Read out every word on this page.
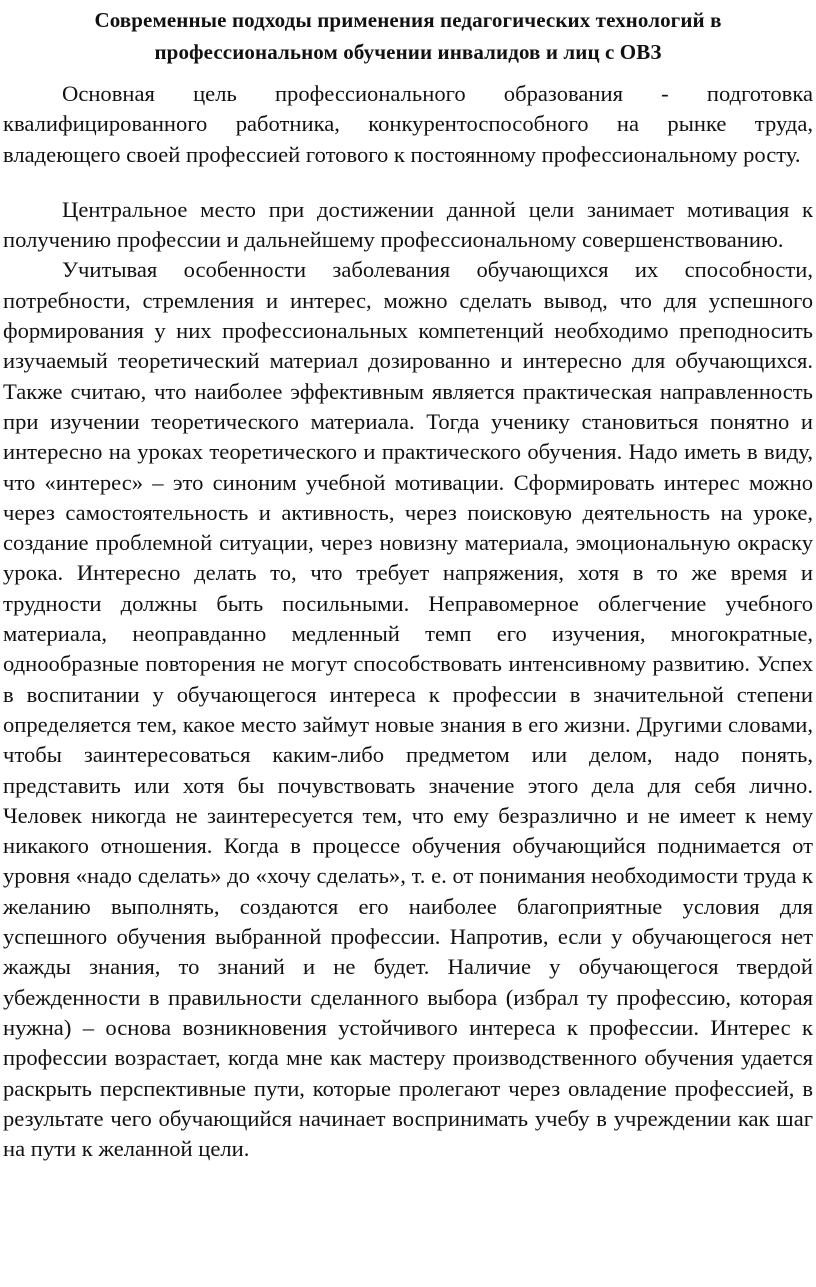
Современные подходы применения педагогических технологий в
профессиональном обучении инвалидов и лиц с ОВЗ

Основная цель профессионального образования - подготовка квалифицированного работника, конкурентоспособного на рынке труда, владеющего своей профессией готового к постоянному профессиональному росту.

Центральное место при достижении данной цели занимает мотивация к получению профессии и дальнейшему профессиональному совершенствованию.

Учитывая особенности заболевания обучающихся их способности, потребности, стремления и интерес, можно сделать вывод, что для успешного формирования у них профессиональных компетенций необходимо преподносить изучаемый теоретический материал дозированно и интересно для обучающихся. Также считаю, что наиболее эффективным является практическая направленность при изучении теоретического материала. Тогда ученику становиться понятно и интересно на уроках теоретического и практического обучения. Надо иметь в виду, что «интерес» – это синоним учебной мотивации. Сформировать интерес можно через самостоятельность и активность, через поисковую деятельность на уроке, создание проблемной ситуации, через новизну материала, эмоциональную окраску урока. Интересно делать то, что требует напряжения, хотя в то же время и трудности должны быть посильными. Неправомерное облегчение учебного материала, неоправданно медленный темп его изучения, многократные, однообразные повторения не могут способствовать интенсивному развитию. Успех в воспитании у обучающегося интереса к профессии в значительной степени определяется тем, какое место займут новые знания в его жизни. Другими словами, чтобы заинтересоваться каким-либо предметом или делом, надо понять, представить или хотя бы почувствовать значение этого дела для себя лично. Человек никогда не заинтересуется тем, что ему безразлично и не имеет к нему никакого отношения. Когда в процессе обучения обучающийся поднимается от уровня «надо сделать» до «хочу сделать», т. е. от понимания необходимости труда к желанию выполнять, создаются его наиболее благоприятные условия для успешного обучения выбранной профессии. Напротив, если у обучающегося нет жажды знания, то знаний и не будет. Наличие у обучающегося твердой убежденности в правильности сделанного выбора (избрал ту профессию, которая нужна) – основа возникновения устойчивого интереса к профессии. Интерес к профессии возрастает, когда мне как мастеру производственного обучения удается раскрыть перспективные пути, которые пролегают через овладение профессией, в результате чего обучающийся начинает воспринимать учебу в учреждении как шаг на пути к желанной цели.
